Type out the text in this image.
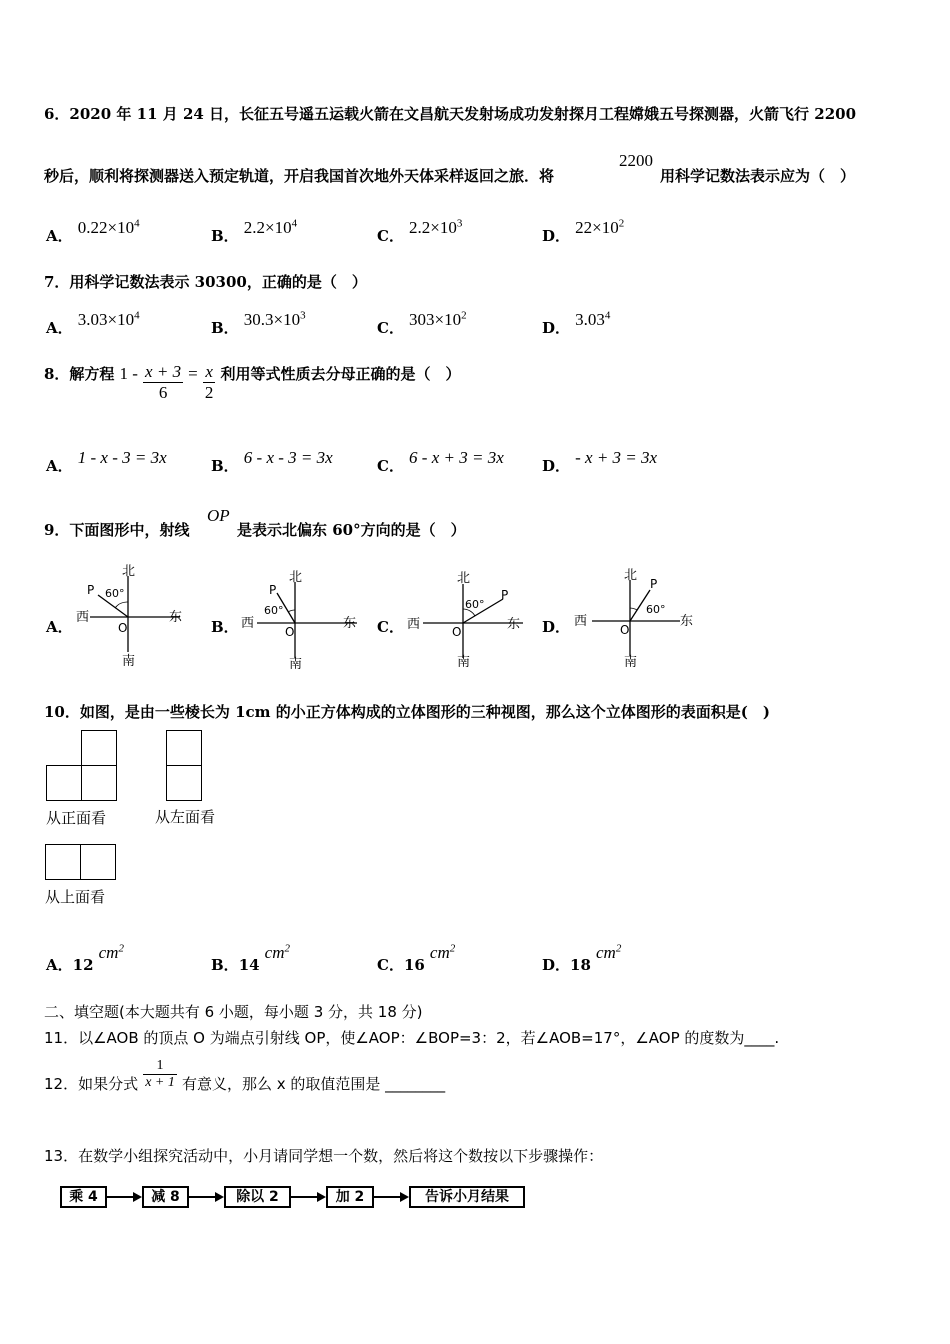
6．2020 年 11 月 24 日，长征五号遥五运载火箭在文昌航天发射场成功发射探月工程嫦娥五号探测器，火箭飞行 2200
秒后，顺利将探测器送入预定轨道，开启我国首次地外天体采样返回之旅．将
2200
用科学记数法表示应为（　）
A． $0.22\times 10^4$
B． $2.2\times 10^4$
C． $2.2\times 10^3$
D． $22\times 10^2$
7．用科学记数法表示 30300，正确的是（　）
A． $3.03\times 10^4$
B． $30.3\times 10^3$
C． $303\times 10^2$
D． 3.03$^4$
8．解方程 $1 - \frac{x + 3}{6} = \frac{x}{2}$ 利用等式性质去分母正确的是（　）
A． 1 - x - 3 = 3x	B． 6 - x - 3 = 3x	C． 6 - x + 3 = 3x	D． - x + 3 = 3x
9．下面图形中，射线
OP
是表示北偏东 60°方向的是（　）
A．	B．	C．	D．
北
南
西	东
O
P 60°
北
南
西	东
O
P
60°
北
南
西	东
O
P
60°
北
南
西	东
O
P
60°
10．如图，是由一些棱长为 1cm 的小正方体构成的立体图形的三种视图，那么这个立体图形的表面积是(　)
从正面看	从左面看
从上面看
A．12 $cm^2$
B．14 $cm^2$
C．16 $cm^2$
D．18 $cm^2$
二、填空题(本大题共有 6 小题，每小题 3 分，共 18 分)
11．以∠AOB 的顶点 O 为端点引射线 OP，使∠AOP：∠BOP=3：2，若∠AOB=17°，∠AOP 的度数为____.
12．如果分式 $\frac{1}{x + 1}$ 有意义，那么 x 的取值范围是 ________
13．在数学小组探究活动中，小月请同学想一个数，然后将这个数按以下步骤操作：
乘 4	减 8	除以 2	加 2	告诉小月结果
